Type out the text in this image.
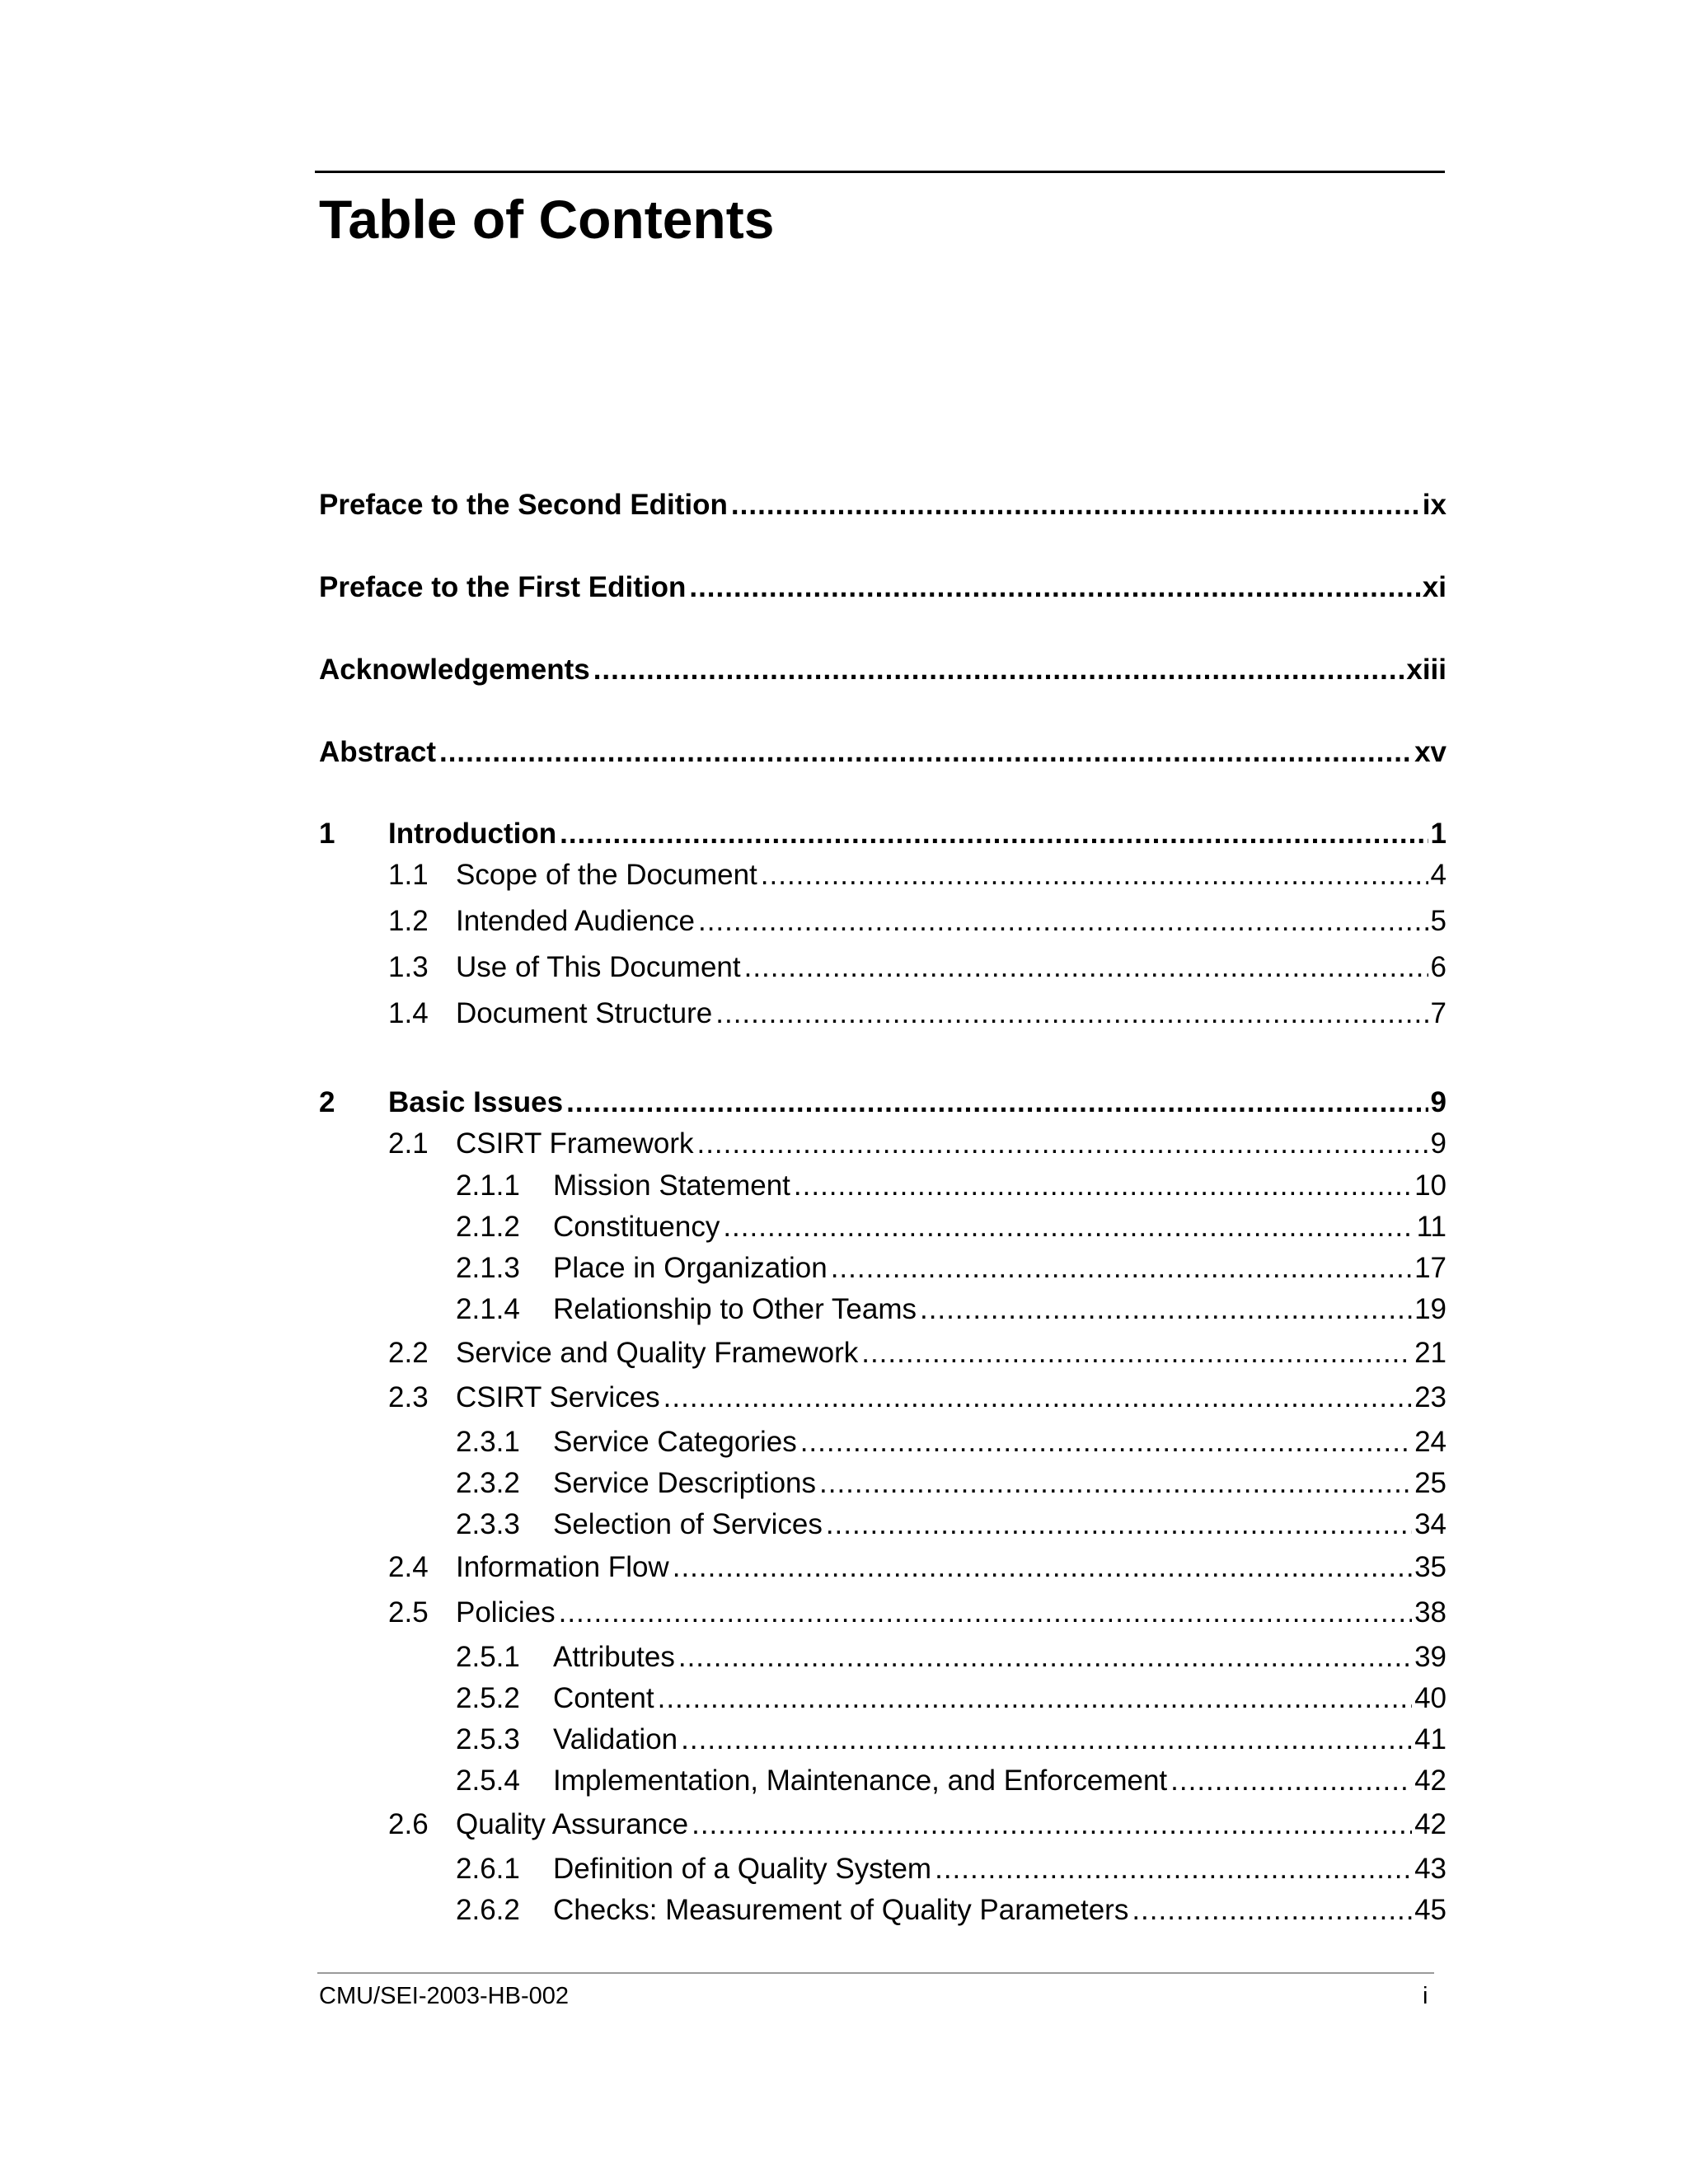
Table of Contents
Preface to the Second Edition .....	ix
Preface to the First Edition .....	xi
Acknowledgements .....	xiii
Abstract .....	xv
1	Introduction .....	1
1.1 Scope of the Document .....	4
1.2 Intended Audience .....	5
1.3 Use of This Document .....	6
1.4 Document Structure .....	7
2	Basic Issues .....	9
2.1 CSIRT Framework .....	9
2.1.1	Mission Statement .....	10
2.1.2	Constituency .....	11
2.1.3	Place in Organization .....	17
2.1.4	Relationship to Other Teams .....	19
2.2 Service and Quality Framework .....	21
2.3 CSIRT Services .....	23
2.3.1	Service Categories .....	24
2.3.2	Service Descriptions .....	25
2.3.3	Selection of Services .....	34
2.4 Information Flow .....	35
2.5 Policies .....	38
2.5.1	Attributes .....	39
2.5.2	Content .....	40
2.5.3	Validation .....	41
2.5.4	Implementation, Maintenance, and Enforcement .....	42
2.6 Quality Assurance .....	42
2.6.1	Definition of a Quality System .....	43
2.6.2	Checks: Measurement of Quality Parameters .....	45
CMU/SEI-2003-HB-002	i
